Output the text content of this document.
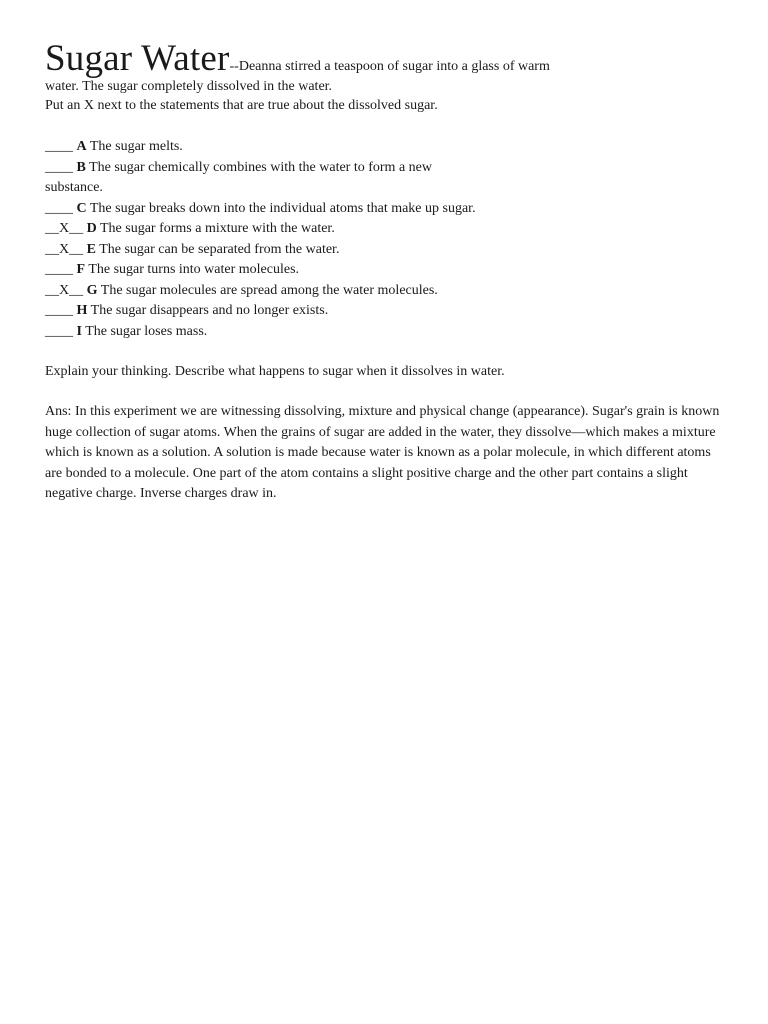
Sugar Water--Deanna stirred a teaspoon of sugar into a glass of warm water. The sugar completely dissolved in the water.
Put an X next to the statements that are true about the dissolved sugar.
____ A The sugar melts.
____ B The sugar chemically combines with the water to form a new substance.
____ C The sugar breaks down into the individual atoms that make up sugar.
__X__ D The sugar forms a mixture with the water.
__X__ E The sugar can be separated from the water.
____ F The sugar turns into water molecules.
__X__ G The sugar molecules are spread among the water molecules.
____ H The sugar disappears and no longer exists.
____ I The sugar loses mass.
Explain your thinking. Describe what happens to sugar when it dissolves in water.
Ans: In this experiment we are witnessing dissolving, mixture and physical change (appearance). Sugar's grain is known huge collection of sugar atoms. When the grains of sugar are added in the water, they dissolve—which makes a mixture which is known as a solution. A solution is made because water is known as a polar molecule, in which different atoms are bonded to a molecule. One part of the atom contains a slight positive charge and the other part contains a slight negative charge. Inverse charges draw in.
